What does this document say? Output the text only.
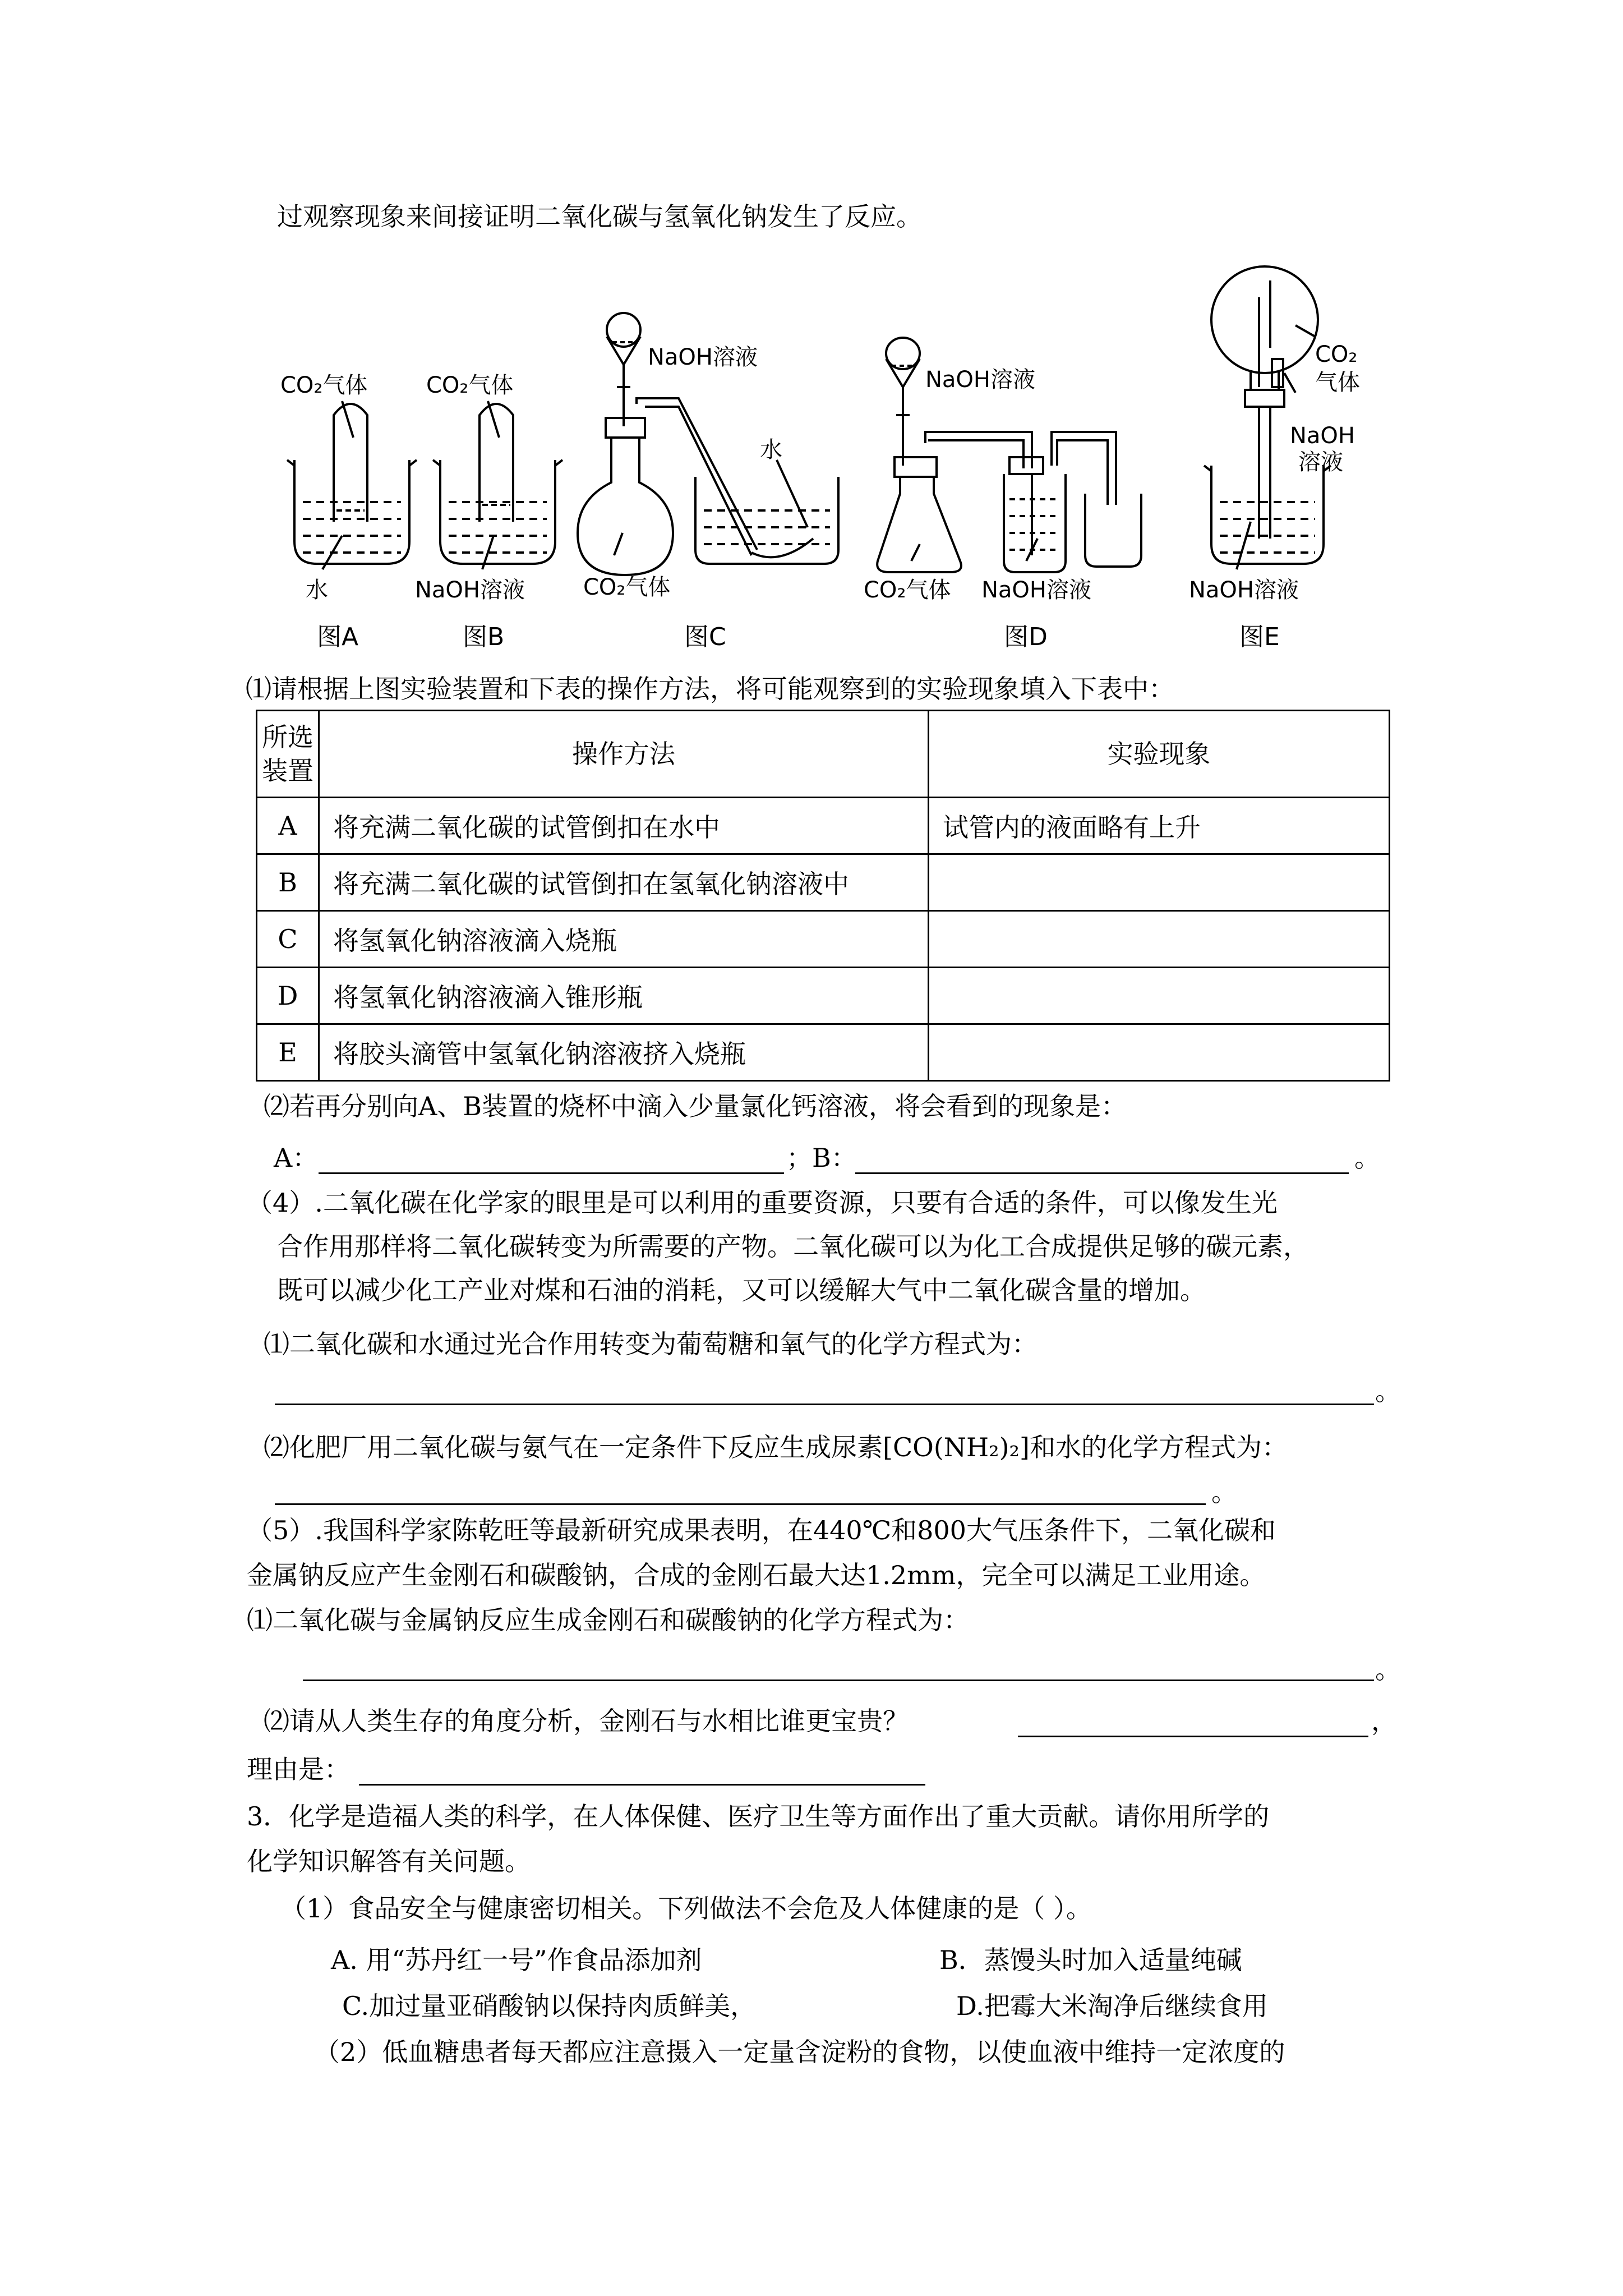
过观察现象来间接证明二氧化碳与氢氧化钠发生了反应。
CO₂气体
水
图A
CO₂气体
NaOH溶液
图B
NaOH溶液
水
CO₂气体
图C
NaOH溶液
CO₂气体 NaOH溶液
图D
CO₂
气体
NaOH
溶液
NaOH溶液
图E
⑴请根据上图实验装置和下表的操作方法，将可能观察到的实验现象填入下表中：
所选
装置	操作方法	实验现象
A	将充满二氧化碳的试管倒扣在水中	试管内的液面略有上升
B	将充满二氧化碳的试管倒扣在氢氧化钠溶液中	
C	将氢氧化钠溶液滴入烧瓶	
D	将氢氧化钠溶液滴入锥形瓶	
E	将胶头滴管中氢氧化钠溶液挤入烧瓶	
⑵若再分别向A、B装置的烧杯中滴入少量氯化钙溶液，将会看到的现象是：
A：	；B：	。
（4）.二氧化碳在化学家的眼里是可以利用的重要资源，只要有合适的条件，可以像发生光
合作用那样将二氧化碳转变为所需要的产物。二氧化碳可以为化工合成提供足够的碳元素，
既可以减少化工产业对煤和石油的消耗，又可以缓解大气中二氧化碳含量的增加。
⑴二氧化碳和水通过光合作用转变为葡萄糖和氧气的化学方程式为：
。
⑵化肥厂用二氧化碳与氨气在一定条件下反应生成尿素[CO(NH₂)₂]和水的化学方程式为：
。
（5）.我国科学家陈乾旺等最新研究成果表明，在440℃和800大气压条件下，二氧化碳和
金属钠反应产生金刚石和碳酸钠，合成的金刚石最大达1.2mm，完全可以满足工业用途。
⑴二氧化碳与金属钠反应生成金刚石和碳酸钠的化学方程式为：
。
⑵请从人类生存的角度分析，金刚石与水相比谁更宝贵？	，
理由是：
3．化学是造福人类的科学，在人体保健、医疗卫生等方面作出了重大贡献。请你用所学的
化学知识解答有关问题。
（1）食品安全与健康密切相关。下列做法不会危及人体健康的是（ ）。
A. 用“苏丹红一号”作食品添加剂	B．蒸馒头时加入适量纯碱
C.加过量亚硝酸钠以保持肉质鲜美，	D.把霉大米淘净后继续食用
（2）低血糖患者每天都应注意摄入一定量含淀粉的食物，以使血液中维持一定浓度的
